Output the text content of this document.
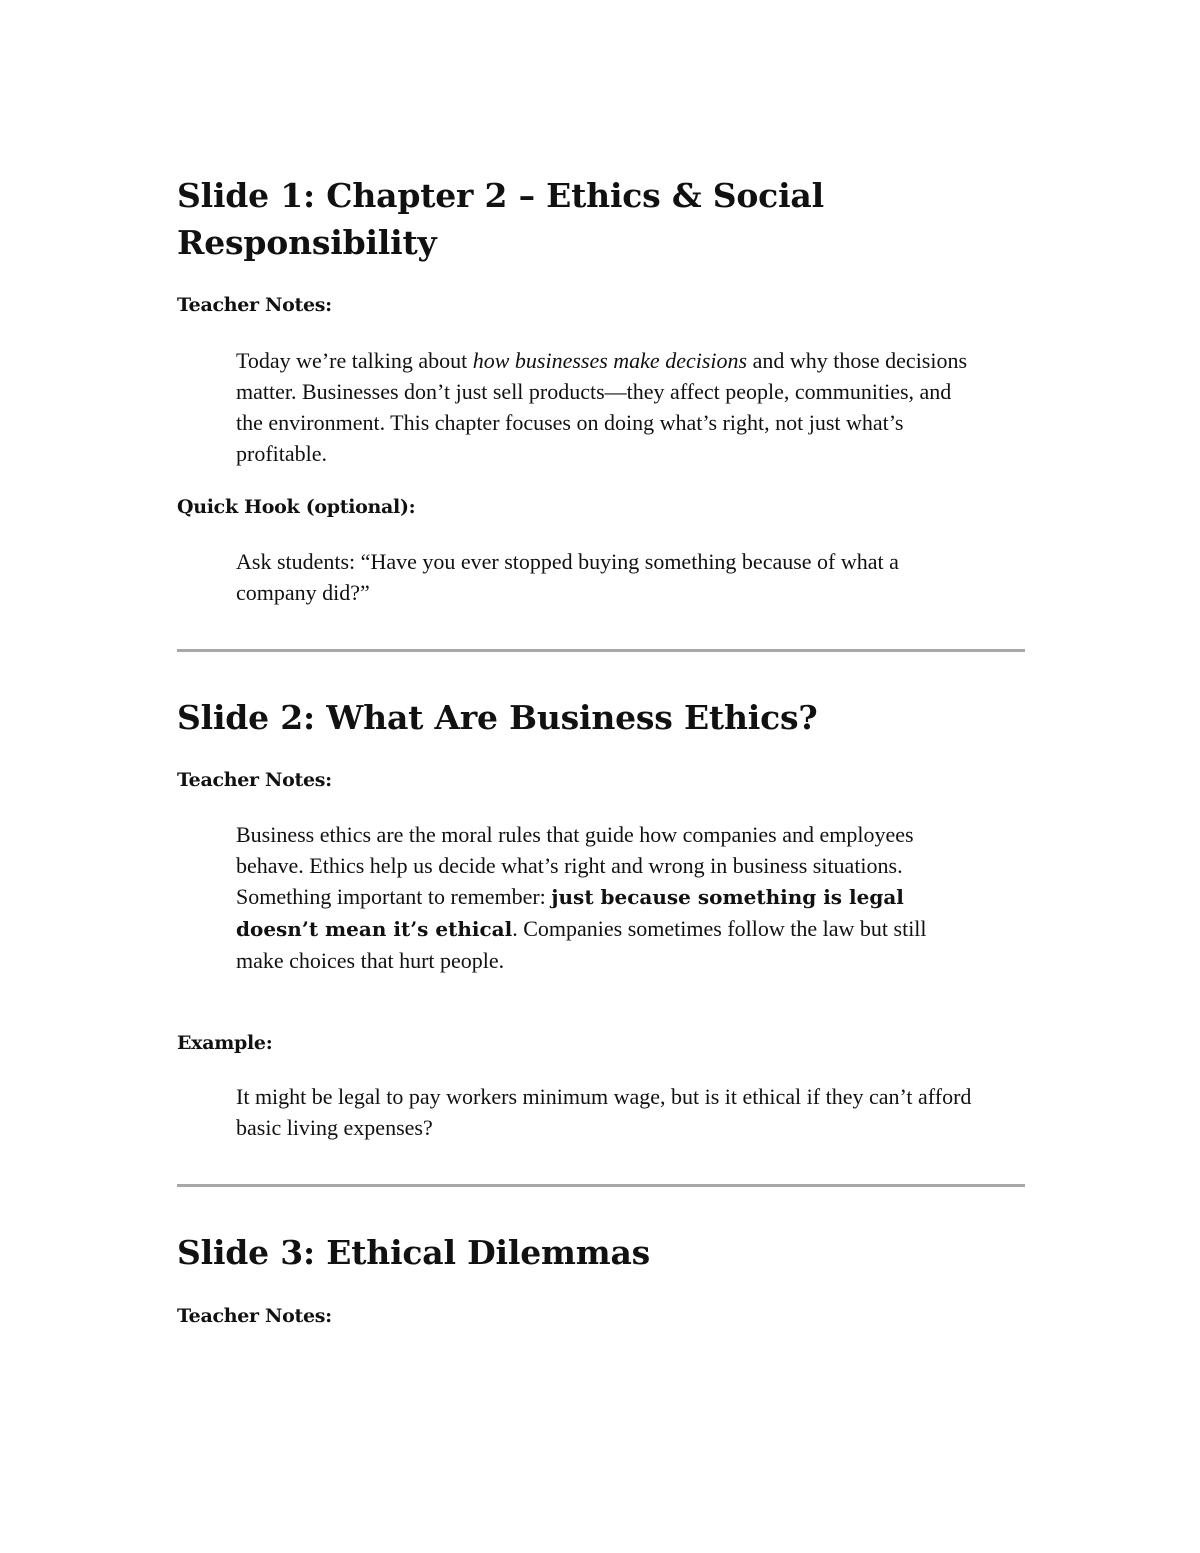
Slide 1: Chapter 2 – Ethics & Social Responsibility

Teacher Notes:

Today we’re talking about how businesses make decisions and why those decisions matter. Businesses don’t just sell products—they affect people, communities, and the environment. This chapter focuses on doing what’s right, not just what’s profitable.

Quick Hook (optional):

Ask students: “Have you ever stopped buying something because of what a company did?”

Slide 2: What Are Business Ethics?

Teacher Notes:

Business ethics are the moral rules that guide how companies and employees behave. Ethics help us decide what’s right and wrong in business situations.
Something important to remember: just because something is legal doesn’t mean it’s ethical. Companies sometimes follow the law but still make choices that hurt people.

Example:

It might be legal to pay workers minimum wage, but is it ethical if they can’t afford basic living expenses?

Slide 3: Ethical Dilemmas

Teacher Notes:
